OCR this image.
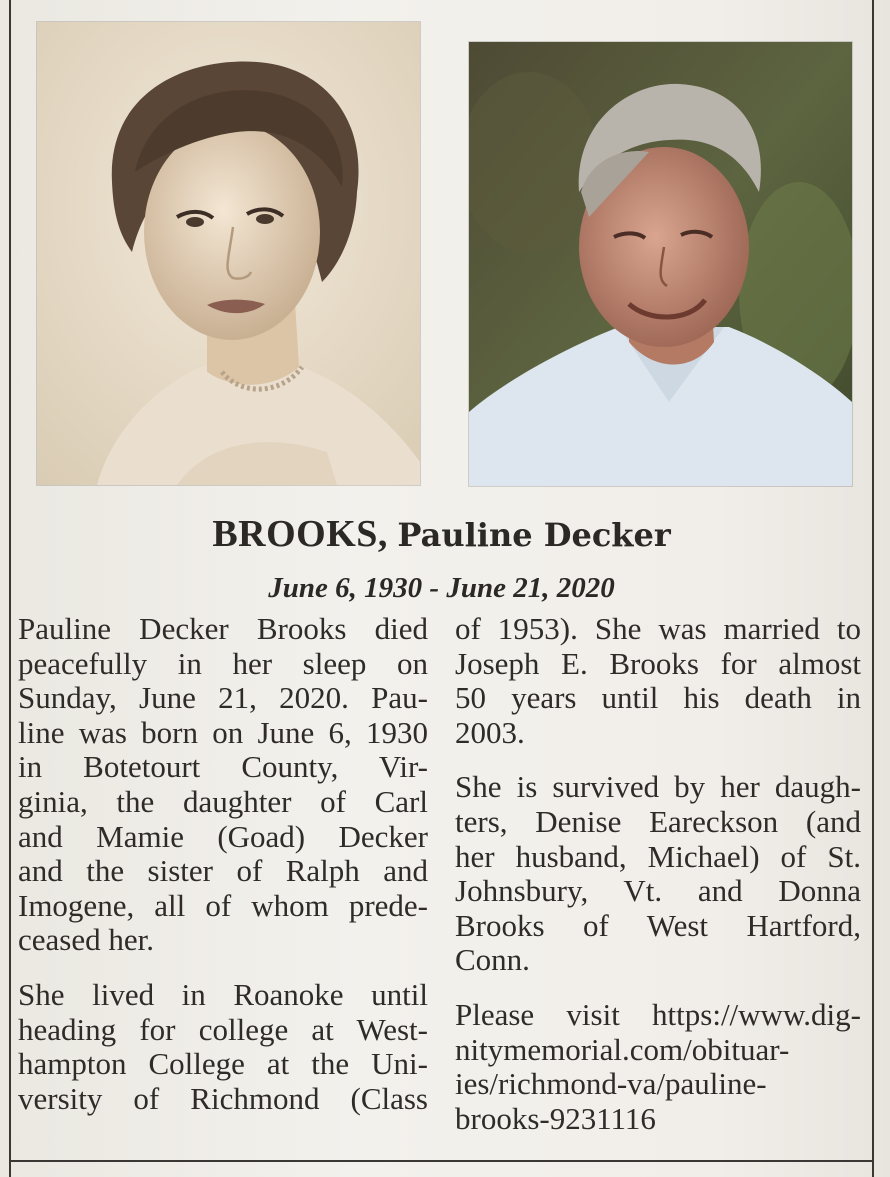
BROOKS, Pauline Decker
June 6, 1930 - June 21, 2020
Pauline Decker Brooks died
peacefully in her sleep on
Sunday, June 21, 2020. Pau-
line was born on June 6, 1930
in Botetourt County, Vir-
ginia, the daughter of Carl
and Mamie (Goad) Decker
and the sister of Ralph and
Imogene, all of whom prede-
ceased her.
She lived in Roanoke until
heading for college at West-
hampton College at the Uni-
versity of Richmond (Class
of 1953). She was married to
Joseph E. Brooks for almost
50 years until his death in
2003.
She is survived by her daugh-
ters, Denise Eareckson (and
her husband, Michael) of St.
Johnsbury, Vt. and Donna
Brooks of West Hartford,
Conn.
Please visit https://www.dig-
nitymemorial.com/obituar-
ies/richmond-va/pauline-
brooks-9231116
